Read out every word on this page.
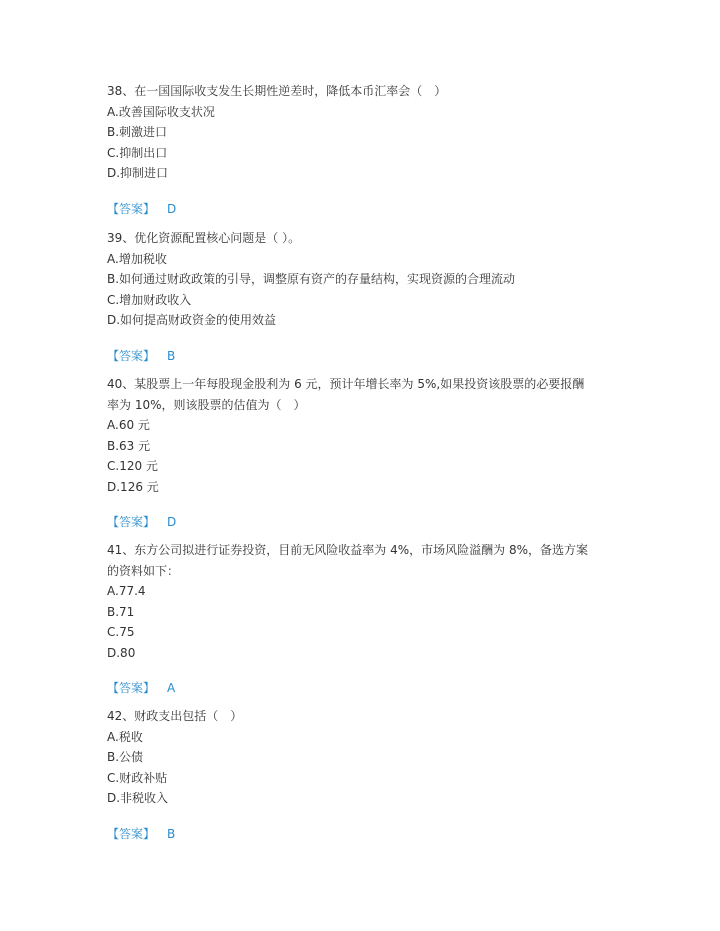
38、在一国国际收支发生长期性逆差时，降低本币汇率会（　）
A.改善国际收支状况
B.刺激进口
C.抑制出口
D.抑制进口
【答案】 D
39、优化资源配置核心问题是（ ）。
A.增加税收
B.如何通过财政政策的引导，调整原有资产的存量结构，实现资源的合理流动
C.增加财政收入
D.如何提高财政资金的使用效益
【答案】 B
40、某股票上一年每股现金股利为 6 元，预计年增长率为 5%,如果投资该股票的必要报酬
率为 10%，则该股票的估值为（　）
A.60 元
B.63 元
C.120 元
D.126 元
【答案】 D
41、东方公司拟进行证券投资，目前无风险收益率为 4%，市场风险溢酬为 8%，备选方案
的资料如下：
A.77.4
B.71
C.75
D.80
【答案】 A
42、财政支出包括（　）
A.税收
B.公债
C.财政补贴
D.非税收入
【答案】 B
